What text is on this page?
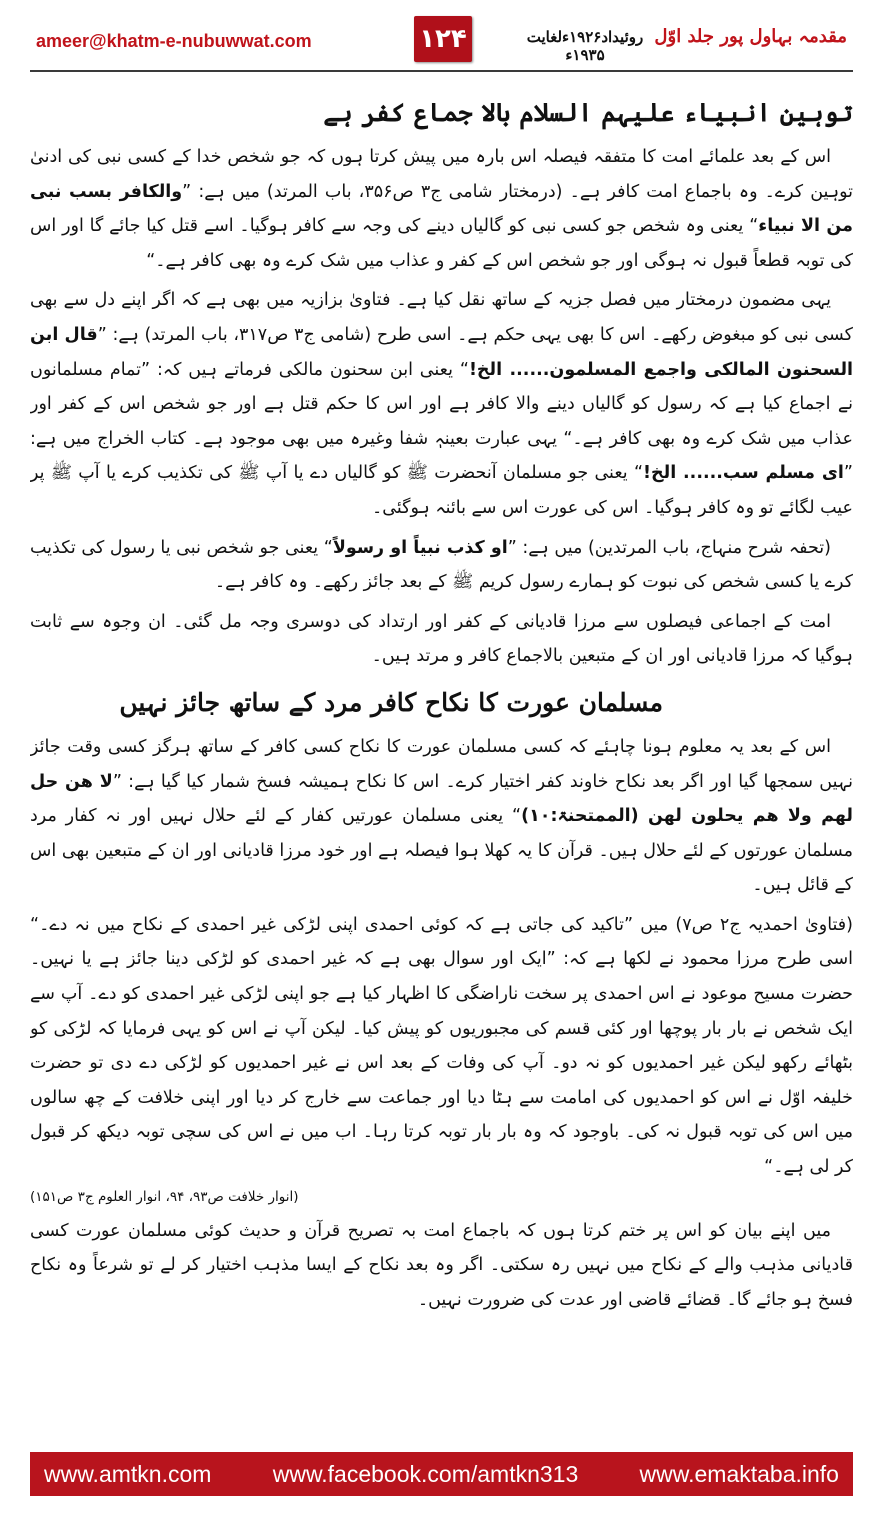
ameer@khatm-e-nubuwwat.com	۱۲۴	روئیداد۱۹۲۶ءلغایت ۱۹۳۵ء
مقدمہ بہاول پور جلد اوّل
توہین انبیاء علیہم السلام بالا جماع کفر ہے

اس کے بعد علمائے امت کا متفقہ فیصلہ اس بارہ میں پیش کرتا ہوں کہ جو شخص خدا کے کسی نبی کی ادنیٰ توہین کرے۔ وہ باجماع امت کافر ہے۔ (درمختار شامی ج۳ ص۳۵۶، باب المرتد) میں ہے: ”والکافر بسب نبی من الا نبیاء“ یعنی وہ شخص جو کسی نبی کو گالیاں دینے کی وجہ سے کافر ہوگیا۔ اسے قتل کیا جائے گا اور اس کی توبہ قطعاً قبول نہ ہوگی اور جو شخص اس کے کفر و عذاب میں شک کرے وہ بھی کافر ہے۔“

یہی مضمون درمختار میں فصل جزیہ کے ساتھ نقل کیا ہے۔ فتاویٰ بزازیہ میں بھی ہے کہ اگر اپنے دل سے بھی کسی نبی کو مبغوض رکھے۔ اس کا بھی یہی حکم ہے۔ اسی طرح (شامی ج۳ ص۳۱۷، باب المرتد) ہے: ”قال ابن السحنون المالکی واجمع المسلمون...... الخ!“ یعنی ابن سحنون مالکی فرماتے ہیں کہ: ”تمام مسلمانوں نے اجماع کیا ہے کہ رسول کو گالیاں دینے والا کافر ہے اور اس کا حکم قتل ہے اور جو شخص اس کے کفر اور عذاب میں شک کرے وہ بھی کافر ہے۔“ یہی عبارت بعینہٖ شفا وغیرہ میں بھی موجود ہے۔ کتاب الخراج میں ہے: ”ای مسلم سب...... الخ!“ یعنی جو مسلمان آنحضرت ﷺ کو گالیاں دے یا آپ ﷺ کی تکذیب کرے یا آپ ﷺ پر عیب لگائے تو وہ کافر ہوگیا۔ اس کی عورت اس سے بائنہ ہوگئی۔

(تحفہ شرح منہاج، باب المرتدین) میں ہے: ”او کذب نبیاً او رسولاً“ یعنی جو شخص نبی یا رسول کی تکذیب کرے یا کسی شخص کی نبوت کو ہمارے رسول کریم ﷺ کے بعد جائز رکھے۔ وہ کافر ہے۔

امت کے اجماعی فیصلوں سے مرزا قادیانی کے کفر اور ارتداد کی دوسری وجہ مل گئی۔ ان وجوہ سے ثابت ہوگیا کہ مرزا قادیانی اور ان کے متبعین بالاجماع کافر و مرتد ہیں۔

مسلمان عورت کا نکاح کافر مرد کے ساتھ جائز نہیں

اس کے بعد یہ معلوم ہونا چاہئے کہ کسی مسلمان عورت کا نکاح کسی کافر کے ساتھ ہرگز کسی وقت جائز نہیں سمجھا گیا اور اگر بعد نکاح خاوند کفر اختیار کرے۔ اس کا نکاح ہمیشہ فسخ شمار کیا گیا ہے: ”لا ھن حل لھم ولا ھم یحلون لھن (الممتحنۃ:۱۰)“ یعنی مسلمان عورتیں کفار کے لئے حلال نہیں اور نہ کفار مرد مسلمان عورتوں کے لئے حلال ہیں۔ قرآن کا یہ کھلا ہوا فیصلہ ہے اور خود مرزا قادیانی اور ان کے متبعین بھی اس کے قائل ہیں۔

(فتاویٰ احمدیہ ج۲ ص۷) میں ”تاکید کی جاتی ہے کہ کوئی احمدی اپنی لڑکی غیر احمدی کے نکاح میں نہ دے۔“ اسی طرح مرزا محمود نے لکھا ہے کہ: ”ایک اور سوال بھی ہے کہ غیر احمدی کو لڑکی دینا جائز ہے یا نہیں۔ حضرت مسیح موعود نے اس احمدی پر سخت ناراضگی کا اظہار کیا ہے جو اپنی لڑکی غیر احمدی کو دے۔ آپ سے ایک شخص نے بار بار پوچھا اور کئی قسم کی مجبوریوں کو پیش کیا۔ لیکن آپ نے اس کو یہی فرمایا کہ لڑکی کو بٹھائے رکھو لیکن غیر احمدیوں کو نہ دو۔ آپ کی وفات کے بعد اس نے غیر احمدیوں کو لڑکی دے دی تو حضرت خلیفہ اوّل نے اس کو احمدیوں کی امامت سے ہٹا دیا اور جماعت سے خارج کر دیا اور اپنی خلافت کے چھ سالوں میں اس کی توبہ قبول نہ کی۔ باوجود کہ وہ بار بار توبہ کرتا رہا۔ اب میں نے اس کی سچی توبہ دیکھ کر قبول کر لی ہے۔“

(انوار خلافت ص۹۳، ۹۴، انوار العلوم ج۳ ص۱۵۱)

میں اپنے بیان کو اس پر ختم کرتا ہوں کہ باجماع امت بہ تصریح قرآن و حدیث کوئی مسلمان عورت کسی قادیانی مذہب والے کے نکاح میں نہیں رہ سکتی۔ اگر وہ بعد نکاح کے ایسا مذہب اختیار کر لے تو شرعاً وہ نکاح فسخ ہو جائے گا۔ قضائے قاضی اور عدت کی ضرورت نہیں۔

www.amtkn.com	www.facebook.com/amtkn313	www.emaktaba.info
